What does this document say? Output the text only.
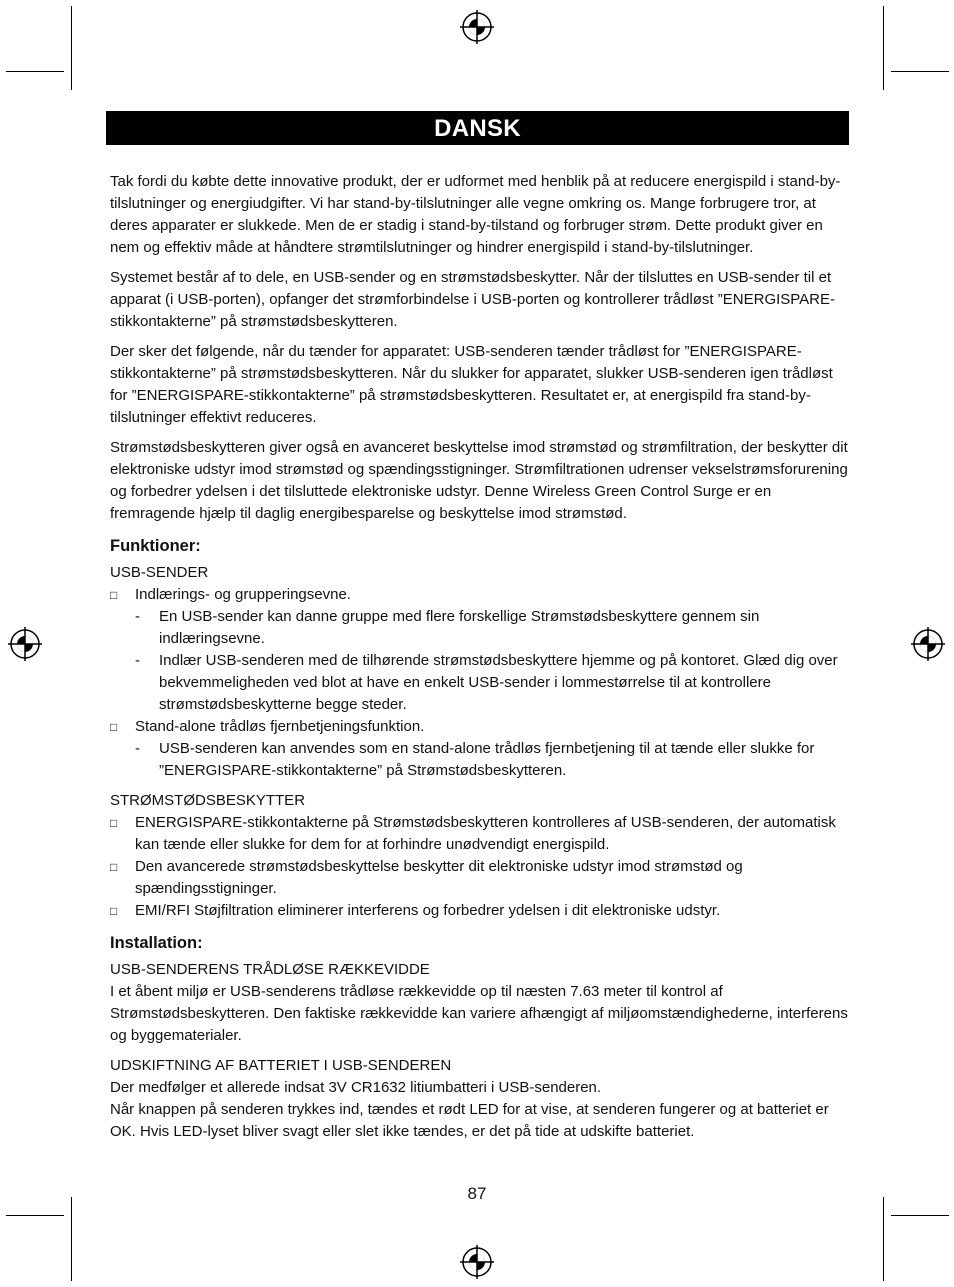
DANSK

Tak fordi du købte dette innovative produkt, der er udformet med henblik på at reducere energispild i stand-by-tilslutninger og energiudgifter. Vi har stand-by-tilslutninger alle vegne omkring os. Mange forbrugere tror, at deres apparater er slukkede. Men de er stadig i stand-by-tilstand og forbruger strøm. Dette produkt giver en nem og effektiv måde at håndtere strømtilslutninger og hindrer energispild i stand-by-tilslutninger.

Systemet består af to dele, en USB-sender og en strømstødsbeskytter. Når der tilsluttes en USB-sender til et apparat (i USB-porten), opfanger det strømforbindelse i USB-porten og kontrollerer trådløst ”ENERGISPARE-stikkontakterne” på strømstødsbeskytteren.

Der sker det følgende, når du tænder for apparatet: USB-senderen tænder trådløst for ”ENERGISPARE-stikkontakterne” på strømstødsbeskytteren. Når du slukker for apparatet, slukker USB-senderen igen trådløst for ”ENERGISPARE-stikkontakterne” på strømstødsbeskytteren. Resultatet er, at energispild fra stand-by-tilslutninger effektivt reduceres.

Strømstødsbeskytteren giver også en avanceret beskyttelse imod strømstød og strømfiltration, der beskytter dit elektroniske udstyr imod strømstød og spændingsstigninger. Strømfiltrationen udrenser vekselstrømsforurening og forbedrer ydelsen i det tilsluttede elektroniske udstyr. Denne Wireless Green Control Surge er en fremragende hjælp til daglig energibesparelse og beskyttelse imod strømstød.

Funktioner:
USB-SENDER
□ Indlærings- og grupperingsevne.
- En USB-sender kan danne gruppe med flere forskellige Strømstødsbeskyttere gennem sin indlæringsevne.
- Indlær USB-senderen med de tilhørende strømstødsbeskyttere hjemme og på kontoret. Glæd dig over bekvemmeligheden ved blot at have en enkelt USB-sender i lommestørrelse til at kontrollere strømstødsbeskytterne begge steder.
□ Stand-alone trådløs fjernbetjeningsfunktion.
- USB-senderen kan anvendes som en stand-alone trådløs fjernbetjening til at tænde eller slukke for ”ENERGISPARE-stikkontakterne” på Strømstødsbeskytteren.
STRØMSTØDSBESKYTTER
□ ENERGISPARE-stikkontakterne på Strømstødsbeskytteren kontrolleres af USB-senderen, der automatisk kan tænde eller slukke for dem for at forhindre unødvendigt energispild.
□ Den avancerede strømstødsbeskyttelse beskytter dit elektroniske udstyr imod strømstød og spændingsstigninger.
□ EMI/RFI Støjfiltration eliminerer interferens og forbedrer ydelsen i dit elektroniske udstyr.
Installation:
USB-SENDERENS TRÅDLØSE RÆKKEVIDDE

I et åbent miljø er USB-senderens trådløse rækkevidde op til næsten 7.63 meter til kontrol af Strømstødsbeskytteren. Den faktiske rækkevidde kan variere afhængigt af miljøomstændighederne, interferens og byggematerialer.

UDSKIFTNING AF BATTERIET I USB-SENDEREN
Der medfølger et allerede indsat 3V CR1632 litiumbatteri i USB-senderen.
Når knappen på senderen trykkes ind, tændes et rødt LED for at vise, at senderen fungerer og at batteriet er OK. Hvis LED-lyset bliver svagt eller slet ikke tændes, er det på tide at udskifte batteriet.
87
